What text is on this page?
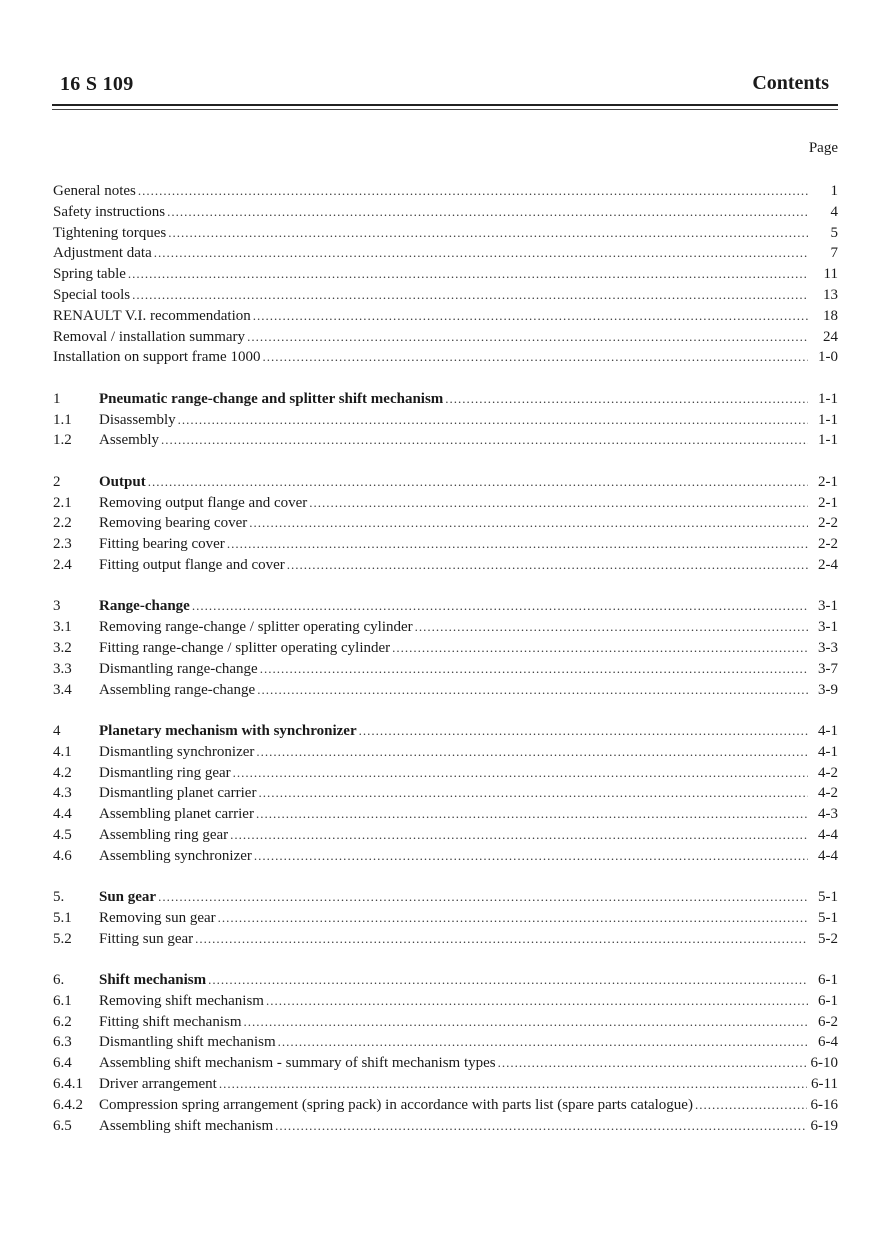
16 S 109	Contents
Page
General notes .....	1
Safety instructions .....	4
Tightening torques .....	5
Adjustment data .....	7
Spring table .....	11
Special tools .....	13
RENAULT V.I. recommendation .....	18
Removal / installation summary .....	24
Installation on support frame 1000 .....	1-0
1	Pneumatic range-change and splitter shift mechanism .....	1-1
1.1	Disassembly .....	1-1
1.2	Assembly .....	1-1
2	Output .....	2-1
2.1	Removing output flange and cover .....	2-1
2.2	Removing bearing cover .....	2-2
2.3	Fitting bearing cover .....	2-2
2.4	Fitting output flange and cover .....	2-4
3	Range-change .....	3-1
3.1	Removing range-change / splitter operating cylinder .....	3-1
3.2	Fitting range-change / splitter operating cylinder .....	3-3
3.3	Dismantling range-change .....	3-7
3.4	Assembling range-change .....	3-9
4	Planetary mechanism with synchronizer .....	4-1
4.1	Dismantling synchronizer .....	4-1
4.2	Dismantling ring gear .....	4-2
4.3	Dismantling planet carrier .....	4-2
4.4	Assembling planet carrier .....	4-3
4.5	Assembling ring gear .....	4-4
4.6	Assembling synchronizer .....	4-4
5.	Sun gear .....	5-1
5.1	Removing sun gear .....	5-1
5.2	Fitting sun gear .....	5-2
6.	Shift mechanism .....	6-1
6.1	Removing shift mechanism .....	6-1
6.2	Fitting shift mechanism .....	6-2
6.3	Dismantling shift mechanism .....	6-4
6.4	Assembling shift mechanism - summary of shift mechanism types .....	6-10
6.4.1	Driver arrangement .....	6-11
6.4.2	Compression spring arrangement (spring pack) in accordance with parts list (spare parts catalogue) .....	6-16
6.5	Assembling shift mechanism .....	6-19
